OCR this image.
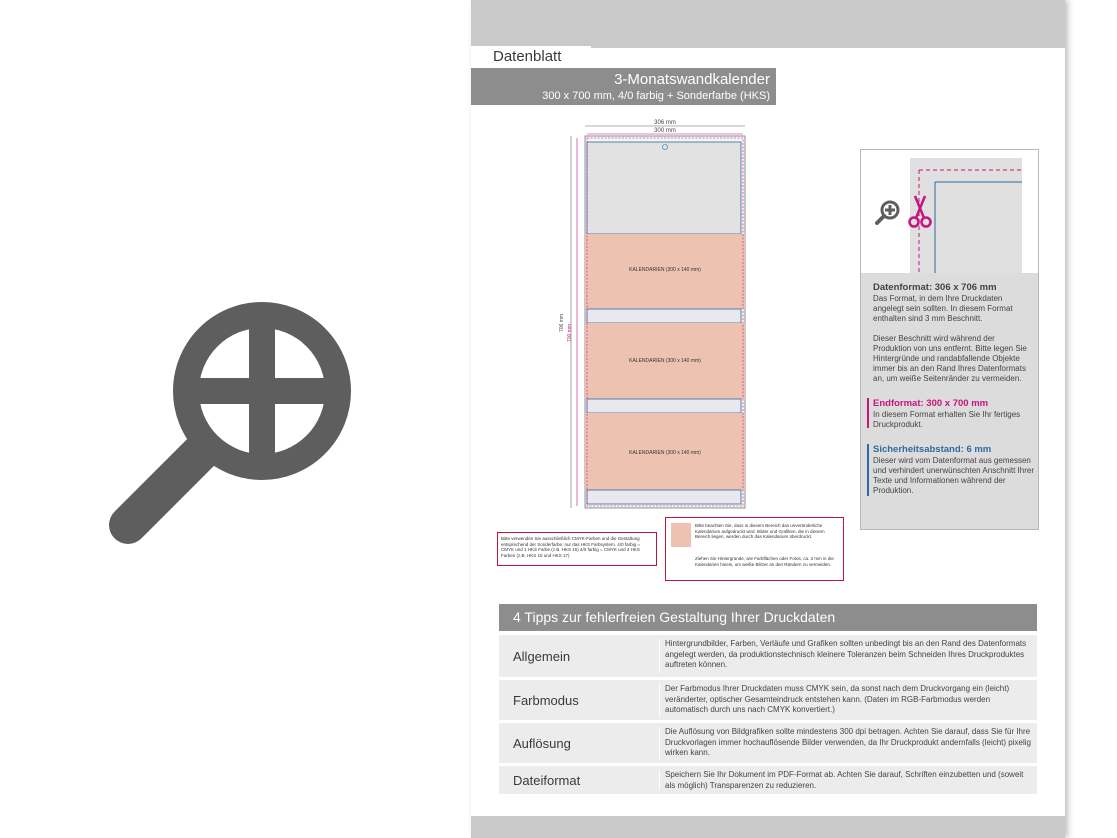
Datenblatt
3-Monatswandkalender
300 x 700 mm, 4/0 farbig + Sonderfarbe (HKS)
306 mm
300 mm
KALENDARIEN (300 x 140 mm)
KALENDARIEN (300 x 140 mm)
KALENDARIEN (300 x 140 mm)
706 mm
700 mm
Bitte verwenden Sie ausschließlich CMYK-Farben und die Gestaltung entsprechend der Sonderfarbe; nur das HKS Farbsystem. 4/0 farbig = CMYK und 1 HKS Farbe (z.B. HKS 15) 4/0 farbig = CMYK und 2 HKS Farben (z.B. HKS 15 und HKS 17)
Bitte beachten Sie, dass in diesem Bereich das unveränderliche Kalendarium aufgedruckt wird. Bilder und Grafiken, die in diesem Bereich liegen, werden durch das Kalendarium überdruckt.
Ziehen Sie Hintergründe, wie Farbflächen oder Fotos, ca. 3 mm in die Kalendarien hinein, um weiße Blitzer an den Rändern zu vermeiden.

Datenformat: 306 x 706 mm

Das Format, in dem Ihre Druckdaten angelegt sein sollten. In diesem Format enthalten sind 3 mm Beschnitt.

Dieser Beschnitt wird während der Produktion von uns entfernt. Bitte legen Sie Hintergründe und randabfallende Objekte immer bis an den Rand Ihres Datenformats an, um weiße Seitenränder zu vermeiden.

Endformat: 300 x 700 mm

In diesem Format erhalten Sie Ihr fertiges Druckprodukt.

Sicherheitsabstand: 6 mm

Dieser wird vom Datenformat aus gemessen und verhindert unerwünschten Anschnitt Ihrer Texte und Informationen während der Produktion.

4 Tipps zur fehlerfreien Gestaltung Ihrer Druckdaten
Allgemein
Hintergrundbilder, Farben, Verläufe und Grafiken sollten unbedingt bis an den Rand des Datenformats angelegt werden, da produktionstechnisch kleinere Toleranzen beim Schneiden Ihres Druckproduktes auftreten können.
Farbmodus
Der Farbmodus Ihrer Druckdaten muss CMYK sein, da sonst nach dem Druckvorgang ein (leicht) veränderter, optischer Gesamteindruck entstehen kann. (Daten im RGB-Farbmodus werden automatisch durch uns nach CMYK konvertiert.)
Auflösung
Die Auflösung von Bildgrafiken sollte mindestens 300 dpi betragen. Achten Sie darauf, dass Sie für Ihre Druckvorlagen immer hochauflösende Bilder verwenden, da Ihr Druckprodukt andernfalls (leicht) pixelig wirken kann.
Dateiformat	Speichern Sie Ihr Dokument im PDF-Format ab. Achten Sie darauf, Schriften einzubetten und (soweit als möglich) Transparenzen zu reduzieren.
